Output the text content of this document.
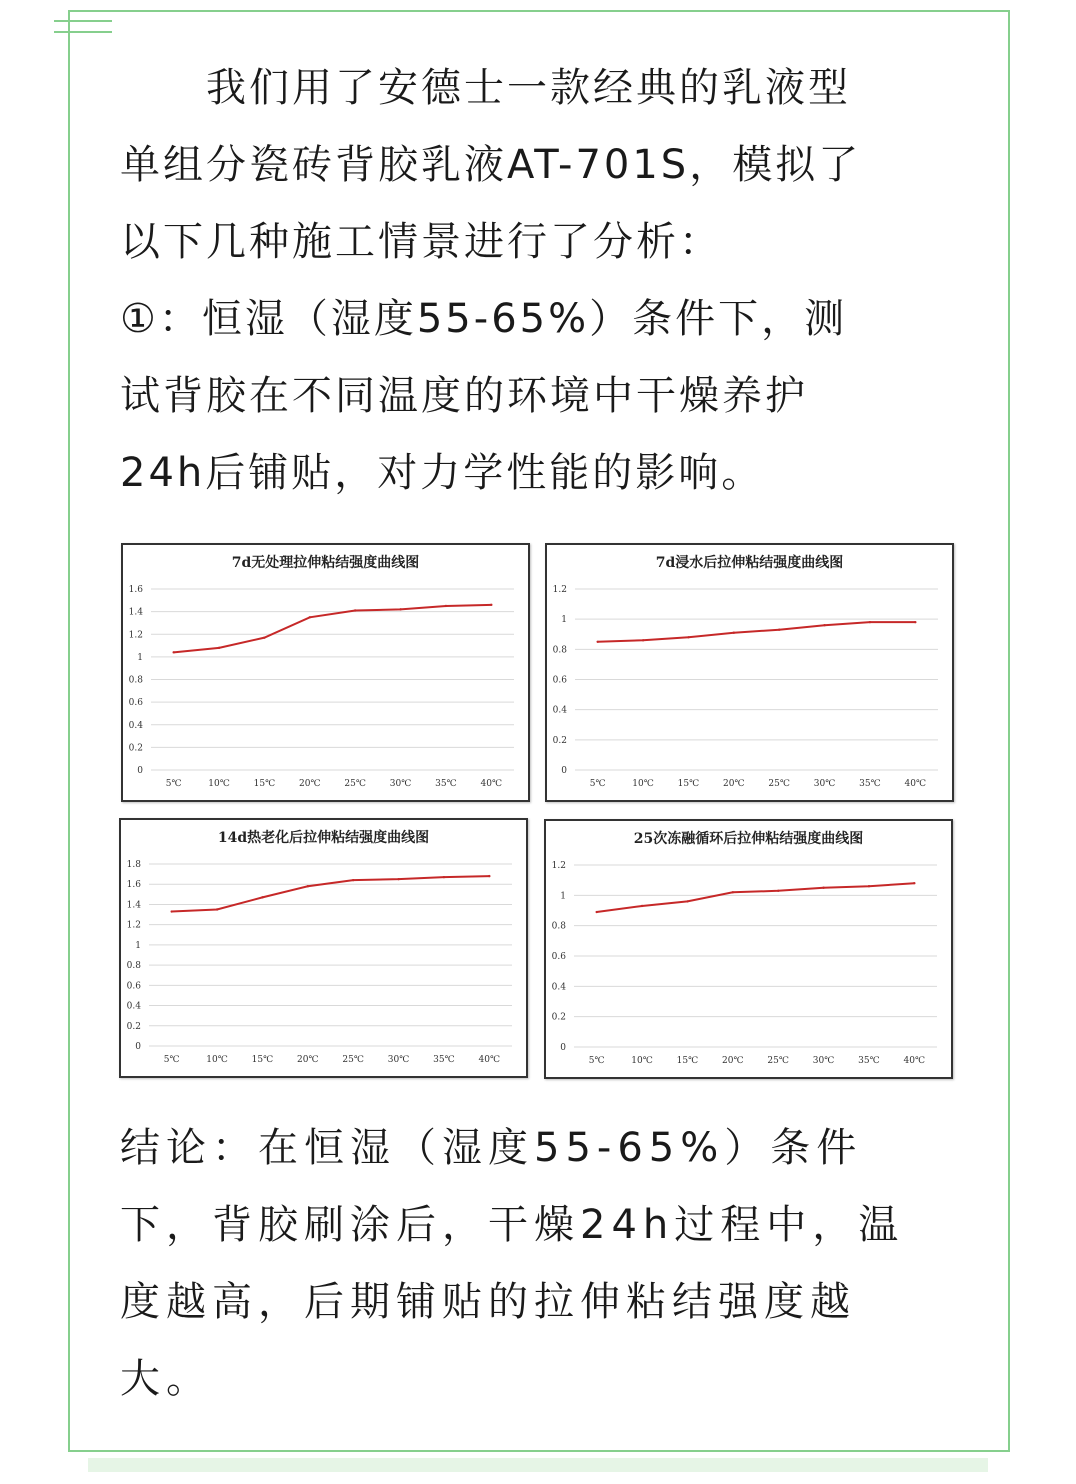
我们用了安德士一款经典的乳液型
单组分瓷砖背胶乳液AT-701S，模拟了
以下几种施工情景进行了分析：
①：恒湿（湿度55-65%）条件下，测
试背胶在不同温度的环境中干燥养护
24h后铺贴，对力学性能的影响。
7d无处理拉伸粘结强度曲线图
0
0.2
0.4
0.6
0.8
1
1.2
1.4
1.6
5℃	10℃	15℃	20℃	25℃	30℃	35℃	40℃
7d浸水后拉伸粘结强度曲线图
0
0.2
0.4
0.6
0.8
1
1.2
5℃	10℃	15℃	20℃	25℃	30℃	35℃	40℃
14d热老化后拉伸粘结强度曲线图
0
0.2
0.4
0.6
0.8
1
1.2
1.4
1.6
1.8
5℃	10℃	15℃	20℃	25℃	30℃	35℃	40℃
25次冻融循环后拉伸粘结强度曲线图
0
0.2
0.4
0.6
0.8
1
1.2
5℃	10℃	15℃	20℃	25℃	30℃	35℃	40℃
结论：在恒湿（湿度55-65%）条件
下，背胶刷涂后，干燥24h过程中，温
度越高，后期铺贴的拉伸粘结强度越
大。
